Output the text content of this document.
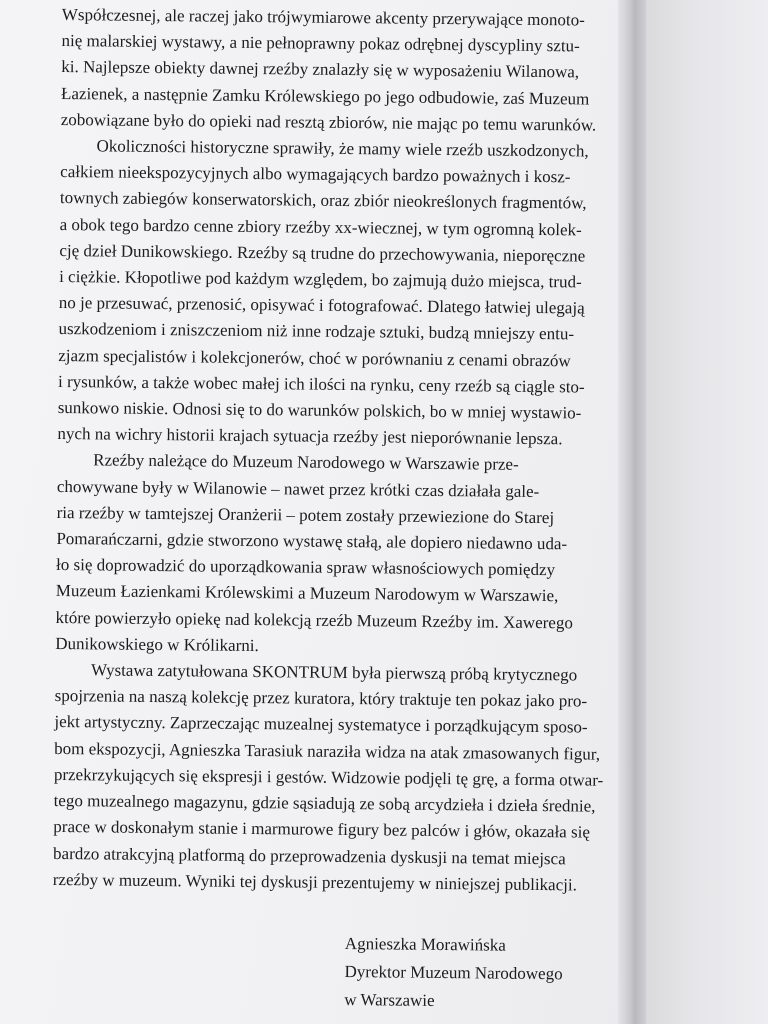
Współczesnej, ale raczej jako trójwymiarowe akcenty przerywające monoto-
nię malarskiej wystawy, a nie pełnoprawny pokaz odrębnej dyscypliny sztu-
ki. Najlepsze obiekty dawnej rzeźby znalazły się w wyposażeniu Wilanowa,
Łazienek, a następnie Zamku Królewskiego po jego odbudowie, zaś Muzeum
zobowiązane było do opieki nad resztą zbiorów, nie mając po temu warunków.

Okoliczności historyczne sprawiły, że mamy wiele rzeźb uszkodzonych,
całkiem nieekspozycyjnych albo wymagających bardzo poważnych i kosz-
townych zabiegów konserwatorskich, oraz zbiór nieokreślonych fragmentów,
a obok tego bardzo cenne zbiory rzeźby xx-wiecznej, w tym ogromną kolek-
cję dzieł Dunikowskiego. Rzeźby są trudne do przechowywania, nieporęczne
i ciężkie. Kłopotliwe pod każdym względem, bo zajmują dużo miejsca, trud-
no je przesuwać, przenosić, opisywać i fotografować. Dlatego łatwiej ulegają
uszkodzeniom i zniszczeniom niż inne rodzaje sztuki, budzą mniejszy entu-
zjazm specjalistów i kolekcjonerów, choć w porównaniu z cenami obrazów
i rysunków, a także wobec małej ich ilości na rynku, ceny rzeźb są ciągle sto-
sunkowo niskie. Odnosi się to do warunków polskich, bo w mniej wystawio-
nych na wichry historii krajach sytuacja rzeźby jest nieporównanie lepsza.

Rzeźby należące do Muzeum Narodowego w Warszawie prze-
chowywane były w Wilanowie – nawet przez krótki czas działała gale-
ria rzeźby w tamtejszej Oranżerii – potem zostały przewiezione do Starej
Pomarańczarni, gdzie stworzono wystawę stałą, ale dopiero niedawno uda-
ło się doprowadzić do uporządkowania spraw własnościowych pomiędzy
Muzeum Łazienkami Królewskimi a Muzeum Narodowym w Warszawie,
które powierzyło opiekę nad kolekcją rzeźb Muzeum Rzeźby im. Xawerego
Dunikowskiego w Królikarni.

Wystawa zatytułowana SKONTRUM była pierwszą próbą krytycznego
spojrzenia na naszą kolekcję przez kuratora, który traktuje ten pokaz jako pro-
jekt artystyczny. Zaprzeczając muzealnej systematyce i porządkującym sposo-
bom ekspozycji, Agnieszka Tarasiuk naraziła widza na atak zmasowanych figur,
przekrzykujących się ekspresji i gestów. Widzowie podjęli tę grę, a forma otwar-
tego muzealnego magazynu, gdzie sąsiadują ze sobą arcydzieła i dzieła średnie,
prace w doskonałym stanie i marmurowe figury bez palców i głów, okazała się
bardzo atrakcyjną platformą do przeprowadzenia dyskusji na temat miejsca
rzeźby w muzeum. Wyniki tej dyskusji prezentujemy w niniejszej publikacji.

Agnieszka Morawińska
Dyrektor Muzeum Narodowego
w Warszawie
